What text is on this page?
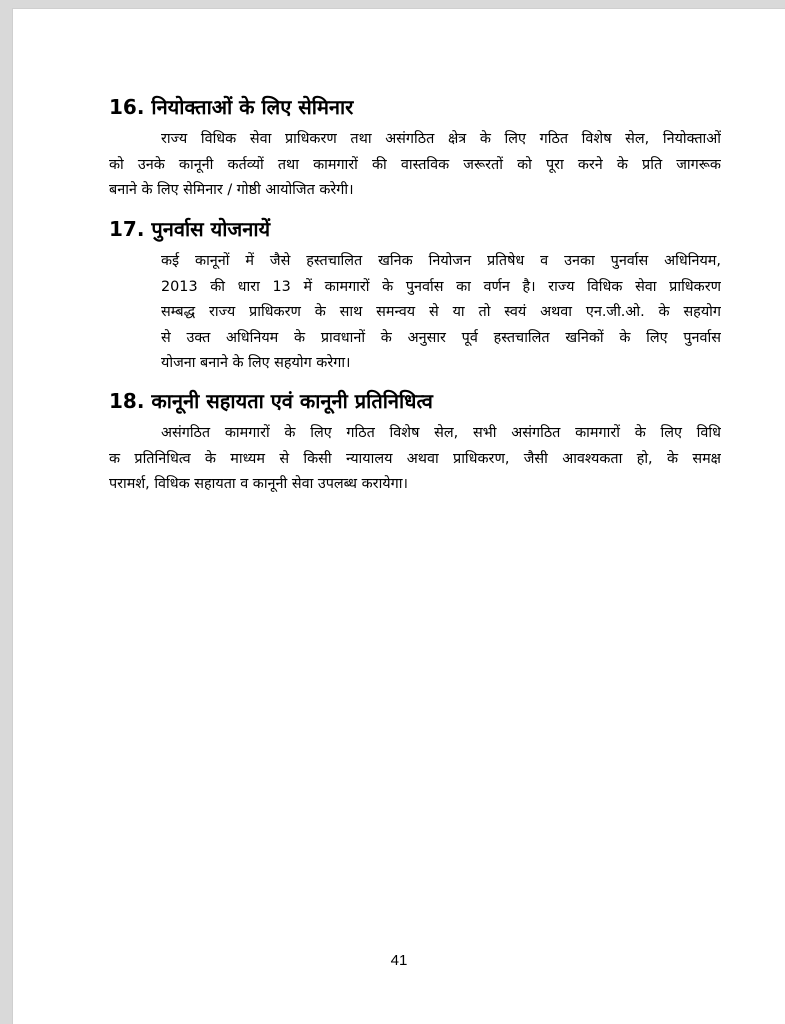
16. नियोक्ताओं के लिए सेमिनार
राज्य विधिक सेवा प्राधिकरण तथा असंगठित क्षेत्र के लिए गठित विशेष सेल, नियोक्ताओं
को उनके कानूनी कर्तव्यों तथा कामगारों की वास्तविक जरूरतों को पूरा करने के प्रति जागरूक
बनाने के लिए सेमिनार / गोष्ठी आयोजित करेगी।
17. पुनर्वास योजनायें
कई कानूनों में जैसे हस्तचालित खनिक नियोजन प्रतिषेध व उनका पुनर्वास अधिनियम,
2013 की धारा 13 में कामगारों के पुनर्वास का वर्णन है। राज्य विधिक सेवा प्राधिकरण
सम्बद्ध राज्य प्राधिकरण के साथ समन्वय से या तो स्वयं अथवा एन.जी.ओ. के सहयोग
से उक्त अधिनियम के प्रावधानों के अनुसार पूर्व हस्तचालित खनिकों के लिए पुनर्वास
योजना बनाने के लिए सहयोग करेगा।
18. कानूनी सहायता एवं कानूनी प्रतिनिधित्व
असंगठित कामगारों के लिए गठित विशेष सेल, सभी असंगठित कामगारों के लिए विधि
क प्रतिनिधित्व के माध्यम से किसी न्यायालय अथवा प्राधिकरण, जैसी आवश्यकता हो, के समक्ष
परामर्श, विधिक सहायता व कानूनी सेवा उपलब्ध करायेगा।
41
